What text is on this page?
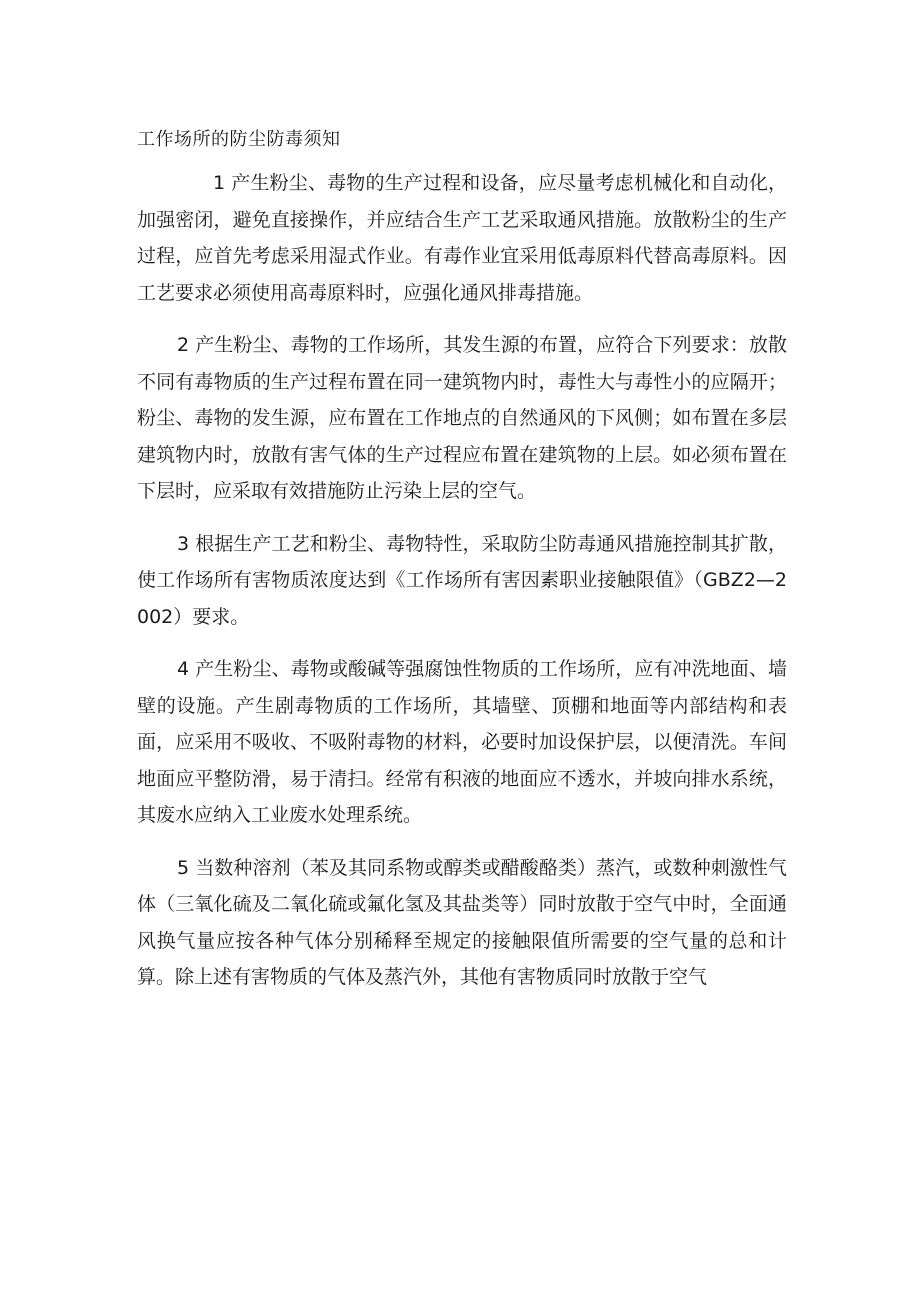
工作场所的防尘防毒须知

1 产生粉尘、毒物的生产过程和设备，应尽量考虑机械化和自动化，加强密闭，避免直接操作，并应结合生产工艺采取通风措施。放散粉尘的生产过程，应首先考虑采用湿式作业。有毒作业宜采用低毒原料代替高毒原料。因工艺要求必须使用高毒原料时，应强化通风排毒措施。

2 产生粉尘、毒物的工作场所，其发生源的布置，应符合下列要求：放散不同有毒物质的生产过程布置在同一建筑物内时，毒性大与毒性小的应隔开；粉尘、毒物的发生源，应布置在工作地点的自然通风的下风侧；如布置在多层建筑物内时，放散有害气体的生产过程应布置在建筑物的上层。如必须布置在下层时，应采取有效措施防止污染上层的空气。

3 根据生产工艺和粉尘、毒物特性，采取防尘防毒通风措施控制其扩散，使工作场所有害物质浓度达到《工作场所有害因素职业接触限值》（GBZ2—2002）要求。

4 产生粉尘、毒物或酸碱等强腐蚀性物质的工作场所，应有冲洗地面、墙壁的设施。产生剧毒物质的工作场所，其墙壁、顶棚和地面等内部结构和表面，应采用不吸收、不吸附毒物的材料，必要时加设保护层，以便清洗。车间地面应平整防滑，易于清扫。经常有积液的地面应不透水，并坡向排水系统，其废水应纳入工业废水处理系统。

5 当数种溶剂（苯及其同系物或醇类或醋酸酪类）蒸汽，或数种刺激性气体（三氧化硫及二氧化硫或氟化氢及其盐类等）同时放散于空气中时，全面通风换气量应按各种气体分别稀释至规定的接触限值所需要的空气量的总和计算。除上述有害物质的气体及蒸汽外，其他有害物质同时放散于空气
